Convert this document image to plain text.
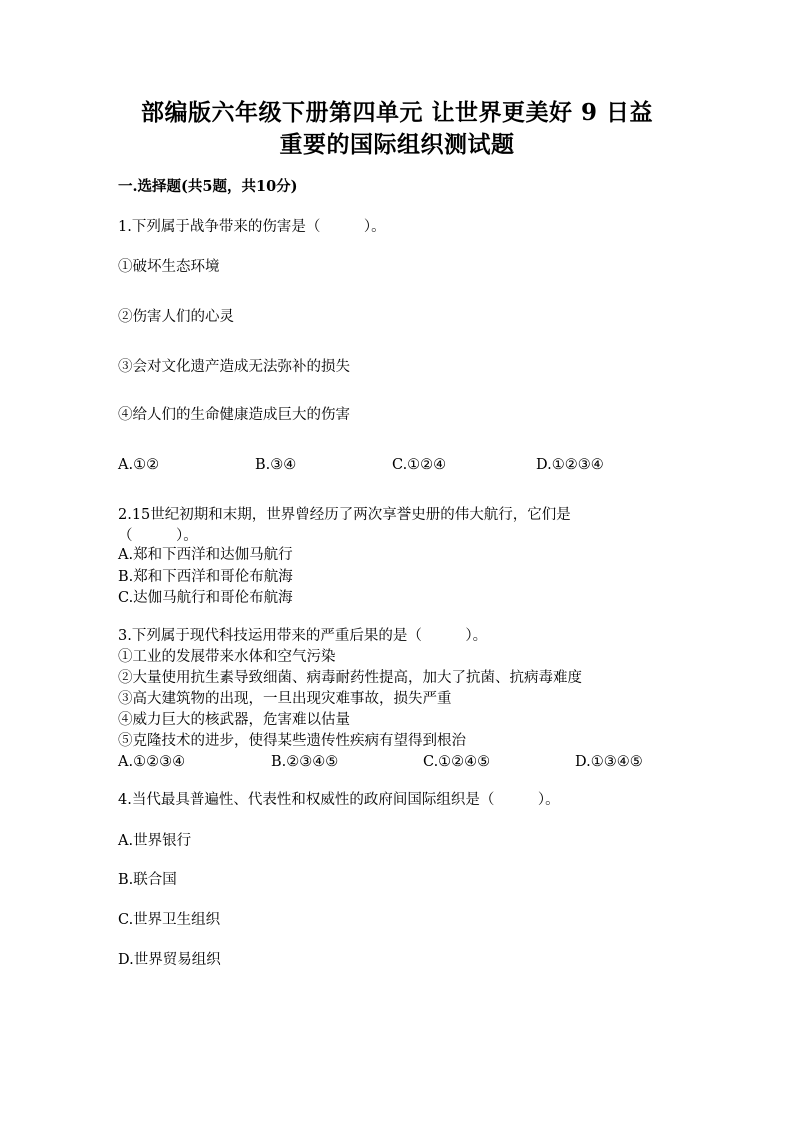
部编版六年级下册第四单元 让世界更美好 9 日益
重要的国际组织测试题
一.选择题(共5题，共10分)
1.下列属于战争带来的伤害是（　　　）。
①破坏生态环境
②伤害人们的心灵
③会对文化遗产造成无法弥补的损失
④给人们的生命健康造成巨大的伤害
A.①②	B.③④	C.①②④	D.①②③④
2.15世纪初期和末期，世界曾经历了两次享誉史册的伟大航行，它们是
（　　　）。
A.郑和下西洋和达伽马航行
B.郑和下西洋和哥伦布航海
C.达伽马航行和哥伦布航海
3.下列属于现代科技运用带来的严重后果的是（　　　）。
①工业的发展带来水体和空气污染
②大量使用抗生素导致细菌、病毒耐药性提高，加大了抗菌、抗病毒难度
③高大建筑物的出现，一旦出现灾难事故，损失严重
④威力巨大的核武器，危害难以估量
⑤克隆技术的进步，使得某些遗传性疾病有望得到根治
A.①②③④	B.②③④⑤	C.①②④⑤	D.①③④⑤
4.当代最具普遍性、代表性和权威性的政府间国际组织是（　　　）。
A.世界银行
B.联合国
C.世界卫生组织
D.世界贸易组织
